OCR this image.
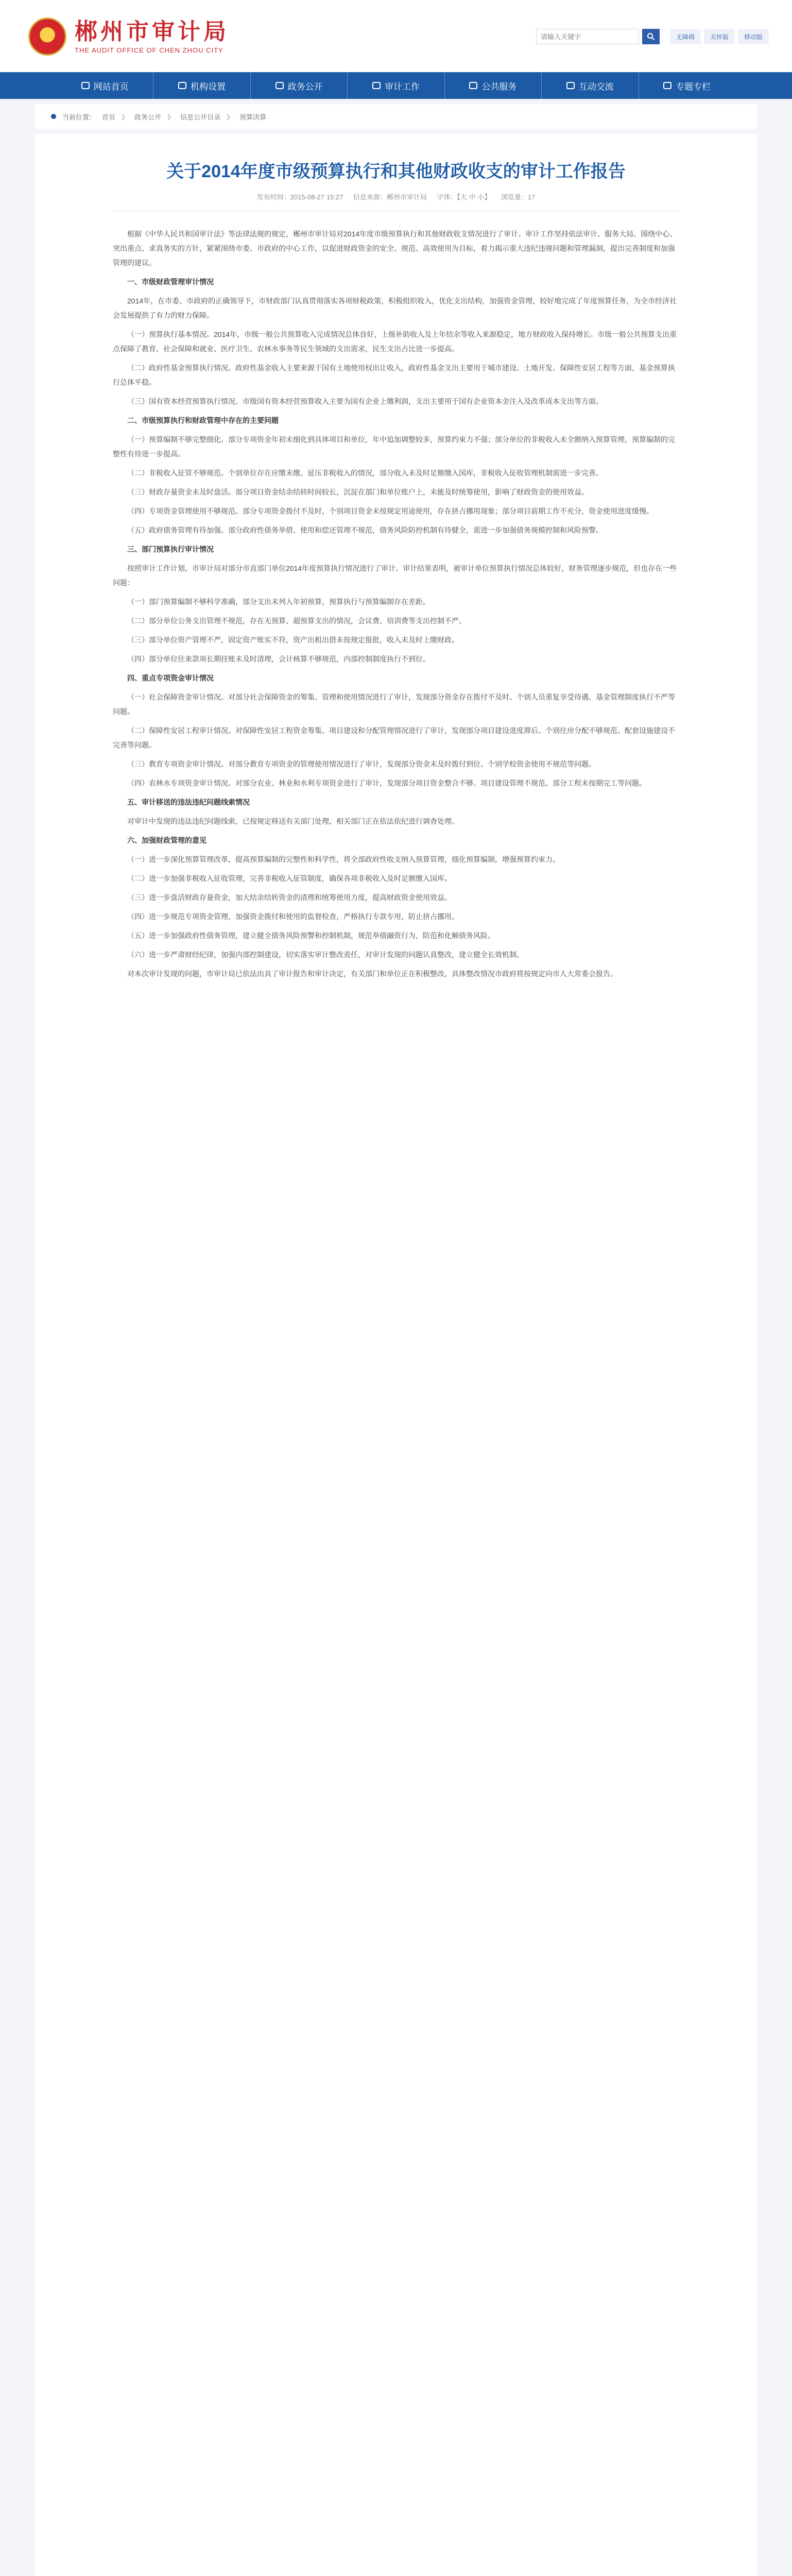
郴州市审计局
THE AUDIT OFFICE OF CHEN ZHOU CITY
请输入关键字
无障碍	关怀版	移动版
网站首页	机构设置	政务公开	审计工作	公共服务	互动交流	专题专栏
当前位置： 首页 》 政务公开 》 信息公开目录 》 预算决算
关于2014年度市级预算执行和其他财政收支的审计工作报告
发布时间：2015-08-27 15:27 信息来源：郴州市审计局 字体：【大 中 小】 浏览量：17

根据《中华人民共和国审计法》等法律法规的规定，郴州市审计局对2014年度市级预算执行和其他财政收支情况进行了审计。审计工作坚持依法审计、服务大局、围绕中心、突出重点、求真务实的方针，紧紧围绕市委、市政府的中心工作，以促进财政资金的安全、规范、高效使用为目标，着力揭示重大违纪违规问题和管理漏洞，提出完善制度和加强管理的建议。

一、市级财政管理审计情况

2014年，在市委、市政府的正确领导下，市财政部门认真贯彻落实各项财税政策，积极组织收入，优化支出结构，加强资金管理，较好地完成了年度预算任务，为全市经济社会发展提供了有力的财力保障。

（一）预算执行基本情况。2014年，市级一般公共预算收入完成情况总体良好，上级补助收入及上年结余等收入来源稳定，地方财政收入保持增长。市级一般公共预算支出重点保障了教育、社会保障和就业、医疗卫生、农林水事务等民生领域的支出需求，民生支出占比进一步提高。

（二）政府性基金预算执行情况。政府性基金收入主要来源于国有土地使用权出让收入，政府性基金支出主要用于城市建设、土地开发、保障性安居工程等方面，基金预算执行总体平稳。

（三）国有资本经营预算执行情况。市级国有资本经营预算收入主要为国有企业上缴利润，支出主要用于国有企业资本金注入及改革成本支出等方面。

二、市级预算执行和财政管理中存在的主要问题

（一）预算编制不够完整细化。部分专项资金年初未细化到具体项目和单位，年中追加调整较多，预算约束力不强；部分单位的非税收入未全额纳入预算管理，预算编制的完整性有待进一步提高。

（二）非税收入征管不够规范。个别单位存在应缴未缴、延压非税收入的情况，部分收入未及时足额缴入国库，非税收入征收管理机制需进一步完善。

（三）财政存量资金未及时盘活。部分项目资金结余结转时间较长，沉淀在部门和单位账户上，未能及时统筹使用，影响了财政资金的使用效益。

（四）专项资金管理使用不够规范。部分专项资金拨付不及时，个别项目资金未按规定用途使用，存在挤占挪用现象；部分项目前期工作不充分，资金使用进度缓慢。

（五）政府债务管理有待加强。部分政府性债务举借、使用和偿还管理不规范，债务风险防控机制有待健全，需进一步加强债务规模控制和风险预警。

三、部门预算执行审计情况

按照审计工作计划，市审计局对部分市直部门单位2014年度预算执行情况进行了审计。审计结果表明，被审计单位预算执行情况总体较好，财务管理逐步规范，但也存在一些问题：

（一）部门预算编制不够科学准确，部分支出未列入年初预算，预算执行与预算编制存在差距。

（二）部分单位公务支出管理不规范，存在无预算、超预算支出的情况，会议费、培训费等支出控制不严。

（三）部分单位资产管理不严，固定资产账实不符，资产出租出借未按规定报批，收入未及时上缴财政。

（四）部分单位往来款项长期挂账未及时清理，会计核算不够规范，内部控制制度执行不到位。

四、重点专项资金审计情况

（一）社会保障资金审计情况。对部分社会保障资金的筹集、管理和使用情况进行了审计，发现部分资金存在拨付不及时、个别人员重复享受待遇、基金管理制度执行不严等问题。

（二）保障性安居工程审计情况。对保障性安居工程资金筹集、项目建设和分配管理情况进行了审计，发现部分项目建设进度滞后、个别住房分配不够规范、配套设施建设不完善等问题。

（三）教育专项资金审计情况。对部分教育专项资金的管理使用情况进行了审计，发现部分资金未及时拨付到位、个别学校资金使用不规范等问题。

（四）农林水专项资金审计情况。对部分农业、林业和水利专项资金进行了审计，发现部分项目资金整合不够、项目建设管理不规范、部分工程未按期完工等问题。

五、审计移送的违法违纪问题线索情况

对审计中发现的违法违纪问题线索，已按规定移送有关部门处理，相关部门正在依法依纪进行调查处理。

六、加强财政管理的意见

（一）进一步深化预算管理改革，提高预算编制的完整性和科学性，将全部政府性收支纳入预算管理，细化预算编制，增强预算约束力。

（二）进一步加强非税收入征收管理，完善非税收入征管制度，确保各项非税收入及时足额缴入国库。

（三）进一步盘活财政存量资金，加大结余结转资金的清理和统筹使用力度，提高财政资金使用效益。

（四）进一步规范专项资金管理，加强资金拨付和使用的监督检查，严格执行专款专用，防止挤占挪用。

（五）进一步加强政府性债务管理，建立健全债务风险预警和控制机制，规范举债融资行为，防范和化解债务风险。

（六）进一步严肃财经纪律，加强内部控制建设，切实落实审计整改责任，对审计发现的问题认真整改，建立健全长效机制。

对本次审计发现的问题，市审计局已依法出具了审计报告和审计决定，有关部门和单位正在积极整改，具体整改情况市政府将按规定向市人大常委会报告。
